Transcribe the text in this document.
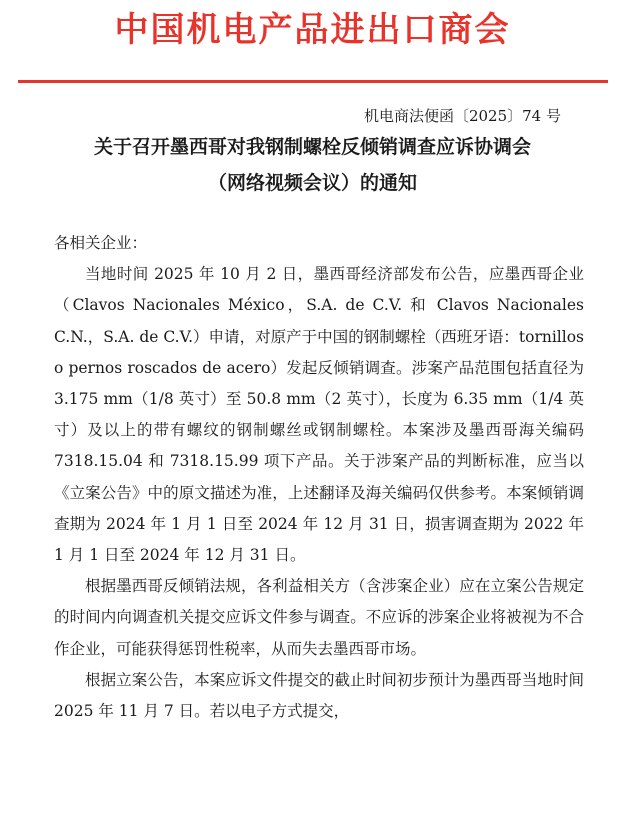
中国机电产品进出口商会
机电商法便函〔2025〕74 号
关于召开墨西哥对我钢制螺栓反倾销调查应诉协调会
（网络视频会议）的通知

各相关企业：

当地时间 2025 年 10 月 2 日，墨西哥经济部发布公告，应墨西哥企业（Clavos Nacionales México，S.A. de C.V. 和 Clavos Nacionales C.N.，S.A. de C.V.）申请，对原产于中国的钢制螺栓（西班牙语：tornillos o pernos roscados de acero）发起反倾销调查。涉案产品范围包括直径为 3.175 mm（1/8 英寸）至 50.8 mm（2 英寸），长度为 6.35 mm（1/4 英寸）及以上的带有螺纹的钢制螺丝或钢制螺栓。本案涉及墨西哥海关编码 7318.15.04 和 7318.15.99 项下产品。关于涉案产品的判断标准，应当以《立案公告》中的原文描述为准，上述翻译及海关编码仅供参考。本案倾销调查期为 2024 年 1 月 1 日至 2024 年 12 月 31 日，损害调查期为 2022 年 1 月 1 日至 2024 年 12 月 31 日。

根据墨西哥反倾销法规，各利益相关方（含涉案企业）应在立案公告规定的时间内向调查机关提交应诉文件参与调查。不应诉的涉案企业将被视为不合作企业，可能获得惩罚性税率，从而失去墨西哥市场。

根据立案公告，本案应诉文件提交的截止时间初步预计为墨西哥当地时间 2025 年 11 月 7 日。若以电子方式提交，
